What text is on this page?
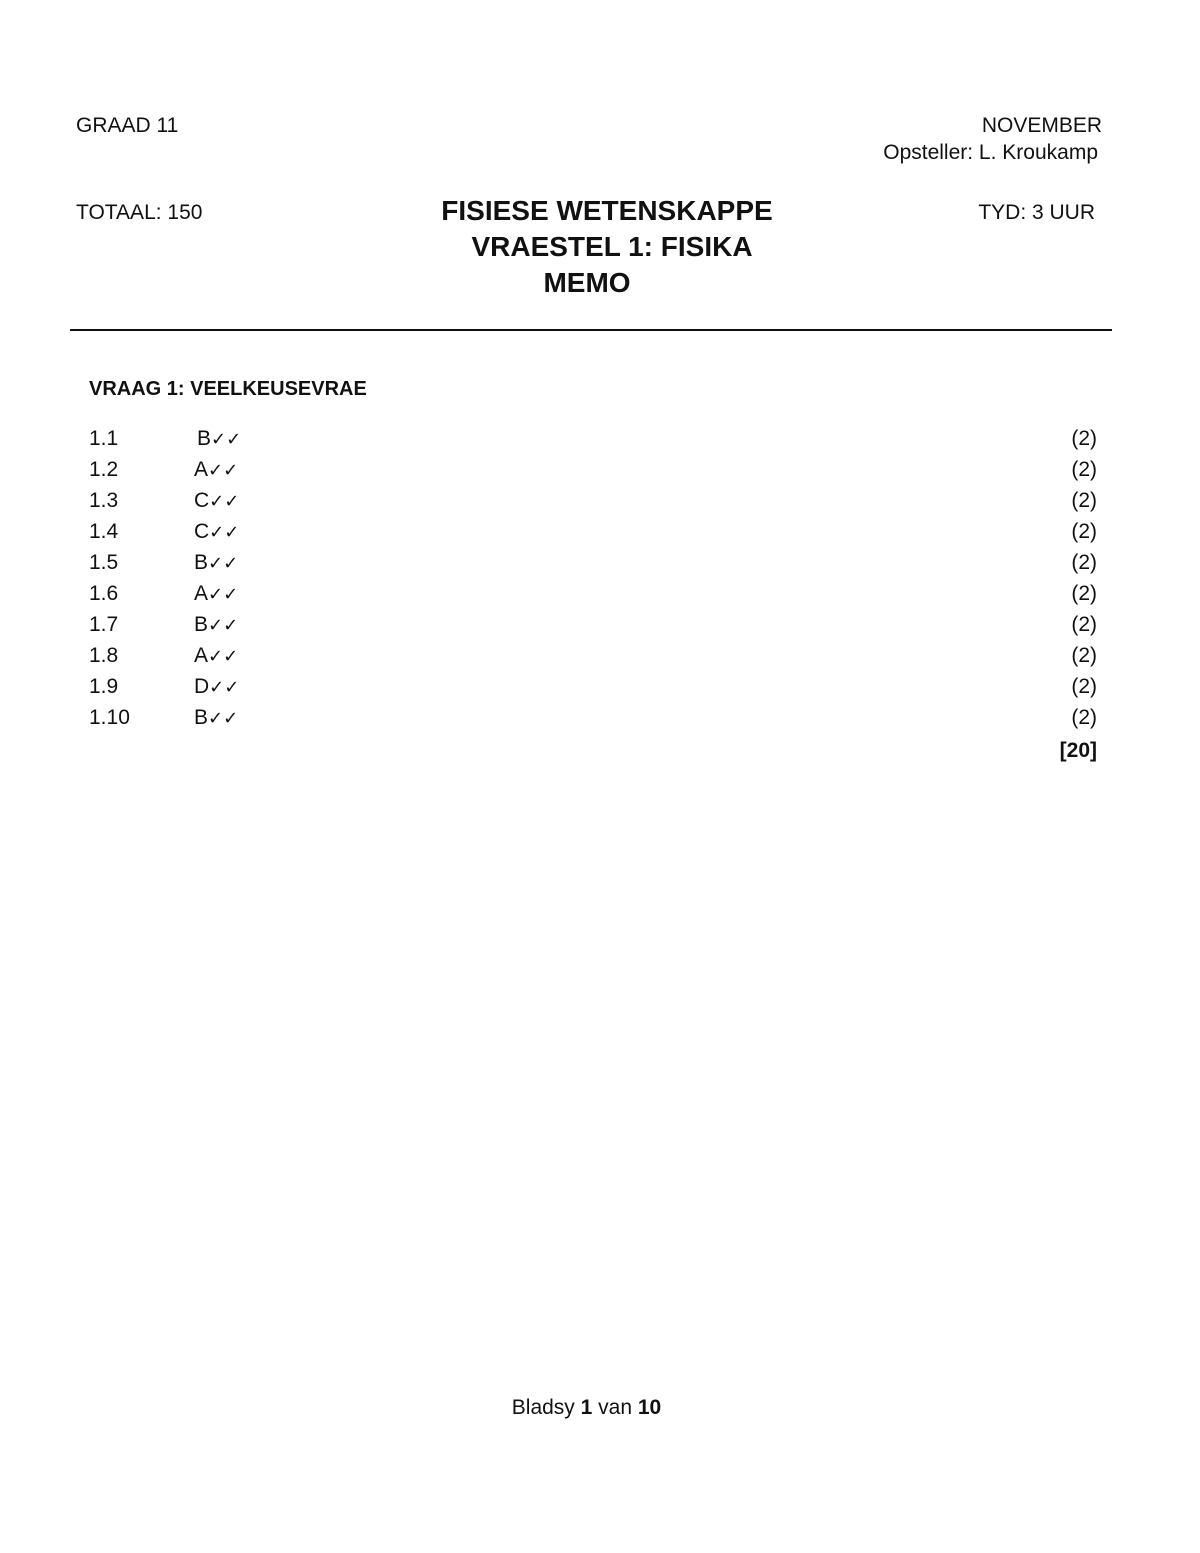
GRAAD 11	NOVEMBER
Opsteller: L. Kroukamp
TOTAAL: 150	TYD: 3 UUR
FISIESE WETENSKAPPE
VRAESTEL 1: FISIKA
MEMO
VRAAG 1: VEELKEUSEVRAE
1.1	B✓✓	(2)
1.2	A✓✓	(2)
1.3	C✓✓	(2)
1.4	C✓✓	(2)
1.5	B✓✓	(2)
1.6	A✓✓	(2)
1.7	B✓✓	(2)
1.8	A✓✓	(2)
1.9	D✓✓	(2)
1.10	B✓✓	(2)
[20]
Bladsy 1 van 10
